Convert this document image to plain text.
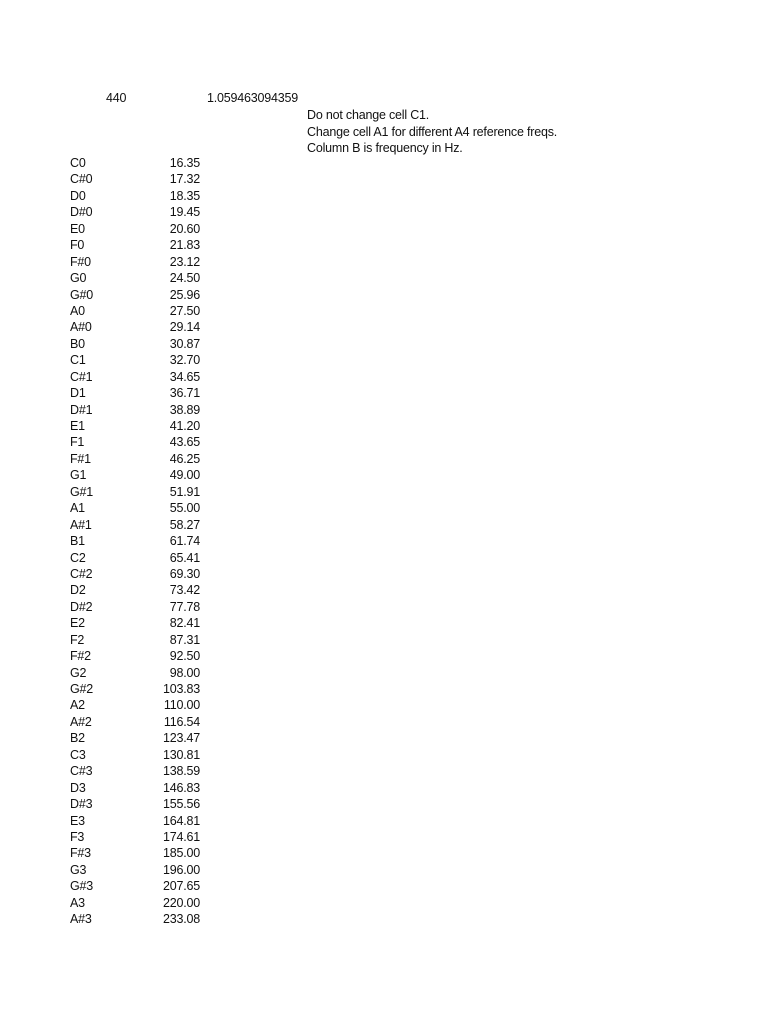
440	1.059463094359
Do not change cell C1.
Change cell A1 for different A4 reference freqs.
Column B is frequency in Hz.
C0	16.35
C#0	17.32
D0	18.35
D#0	19.45
E0	20.60
F0	21.83
F#0	23.12
G0	24.50
G#0	25.96
A0	27.50
A#0	29.14
B0	30.87
C1	32.70
C#1	34.65
D1	36.71
D#1	38.89
E1	41.20
F1	43.65
F#1	46.25
G1	49.00
G#1	51.91
A1	55.00
A#1	58.27
B1	61.74
C2	65.41
C#2	69.30
D2	73.42
D#2	77.78
E2	82.41
F2	87.31
F#2	92.50
G2	98.00
G#2	103.83
A2	110.00
A#2	116.54
B2	123.47
C3	130.81
C#3	138.59
D3	146.83
D#3	155.56
E3	164.81
F3	174.61
F#3	185.00
G3	196.00
G#3	207.65
A3	220.00
A#3	233.08
